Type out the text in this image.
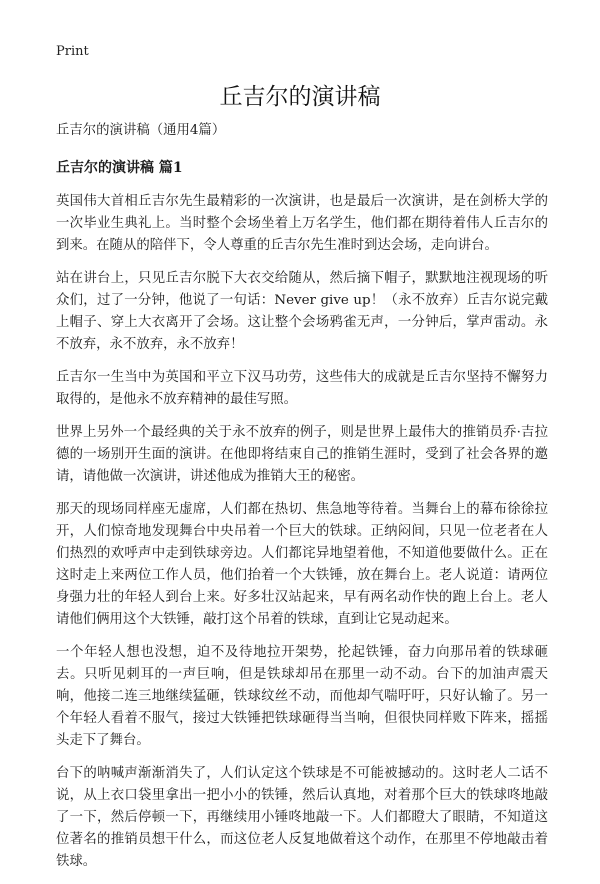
Print
丘吉尔的演讲稿

丘吉尔的演讲稿（通用4篇）

丘吉尔的演讲稿 篇1

英国伟大首相丘吉尔先生最精彩的一次演讲，也是最后一次演讲，是在剑桥大学的一次毕业生典礼上。当时整个会场坐着上万名学生，他们都在期待着伟人丘吉尔的到来。在随从的陪伴下，令人尊重的丘吉尔先生准时到达会场，走向讲台。

站在讲台上，只见丘吉尔脱下大衣交给随从，然后摘下帽子，默默地注视现场的听众们，过了一分钟，他说了一句话：Never give up！（永不放弃）丘吉尔说完戴上帽子、穿上大衣离开了会场。这让整个会场鸦雀无声，一分钟后，掌声雷动。永不放弃，永不放弃，永不放弃！

丘吉尔一生当中为英国和平立下汉马功劳，这些伟大的成就是丘吉尔坚持不懈努力取得的，是他永不放弃精神的最佳写照。

世界上另外一个最经典的关于永不放弃的例子，则是世界上最伟大的推销员乔·吉拉德的一场别开生面的演讲。在他即将结束自己的推销生涯时，受到了社会各界的邀请，请他做一次演讲，讲述他成为推销大王的秘密。

那天的现场同样座无虚席，人们都在热切、焦急地等待着。当舞台上的幕布徐徐拉开，人们惊奇地发现舞台中央吊着一个巨大的铁球。正纳闷间，只见一位老者在人们热烈的欢呼声中走到铁球旁边。人们都诧异地望着他，不知道他要做什么。正在这时走上来两位工作人员，他们抬着一个大铁锤，放在舞台上。老人说道：请两位身强力壮的年轻人到台上来。好多壮汉站起来，早有两名动作快的跑上台上。老人请他们俩用这个大铁锤，敲打这个吊着的铁球，直到让它晃动起来。

一个年轻人想也没想，迫不及待地拉开架势，抡起铁锤，奋力向那吊着的铁球砸去。只听见刺耳的一声巨响，但是铁球却吊在那里一动不动。台下的加油声震天响，他接二连三地继续猛砸，铁球纹丝不动，而他却气喘吁吁，只好认输了。另一个年轻人看着不服气，接过大铁锤把铁球砸得当当响，但很快同样败下阵来，摇摇头走下了舞台。

台下的呐喊声渐渐消失了，人们认定这个铁球是不可能被撼动的。这时老人二话不说，从上衣口袋里拿出一把小小的铁锤，然后认真地，对着那个巨大的铁球咚地敲了一下，然后停顿一下，再继续用小锤咚地敲一下。人们都瞪大了眼睛，不知道这位著名的推销员想干什么，而这位老人反复地做着这个动作，在那里不停地敲击着铁球。
